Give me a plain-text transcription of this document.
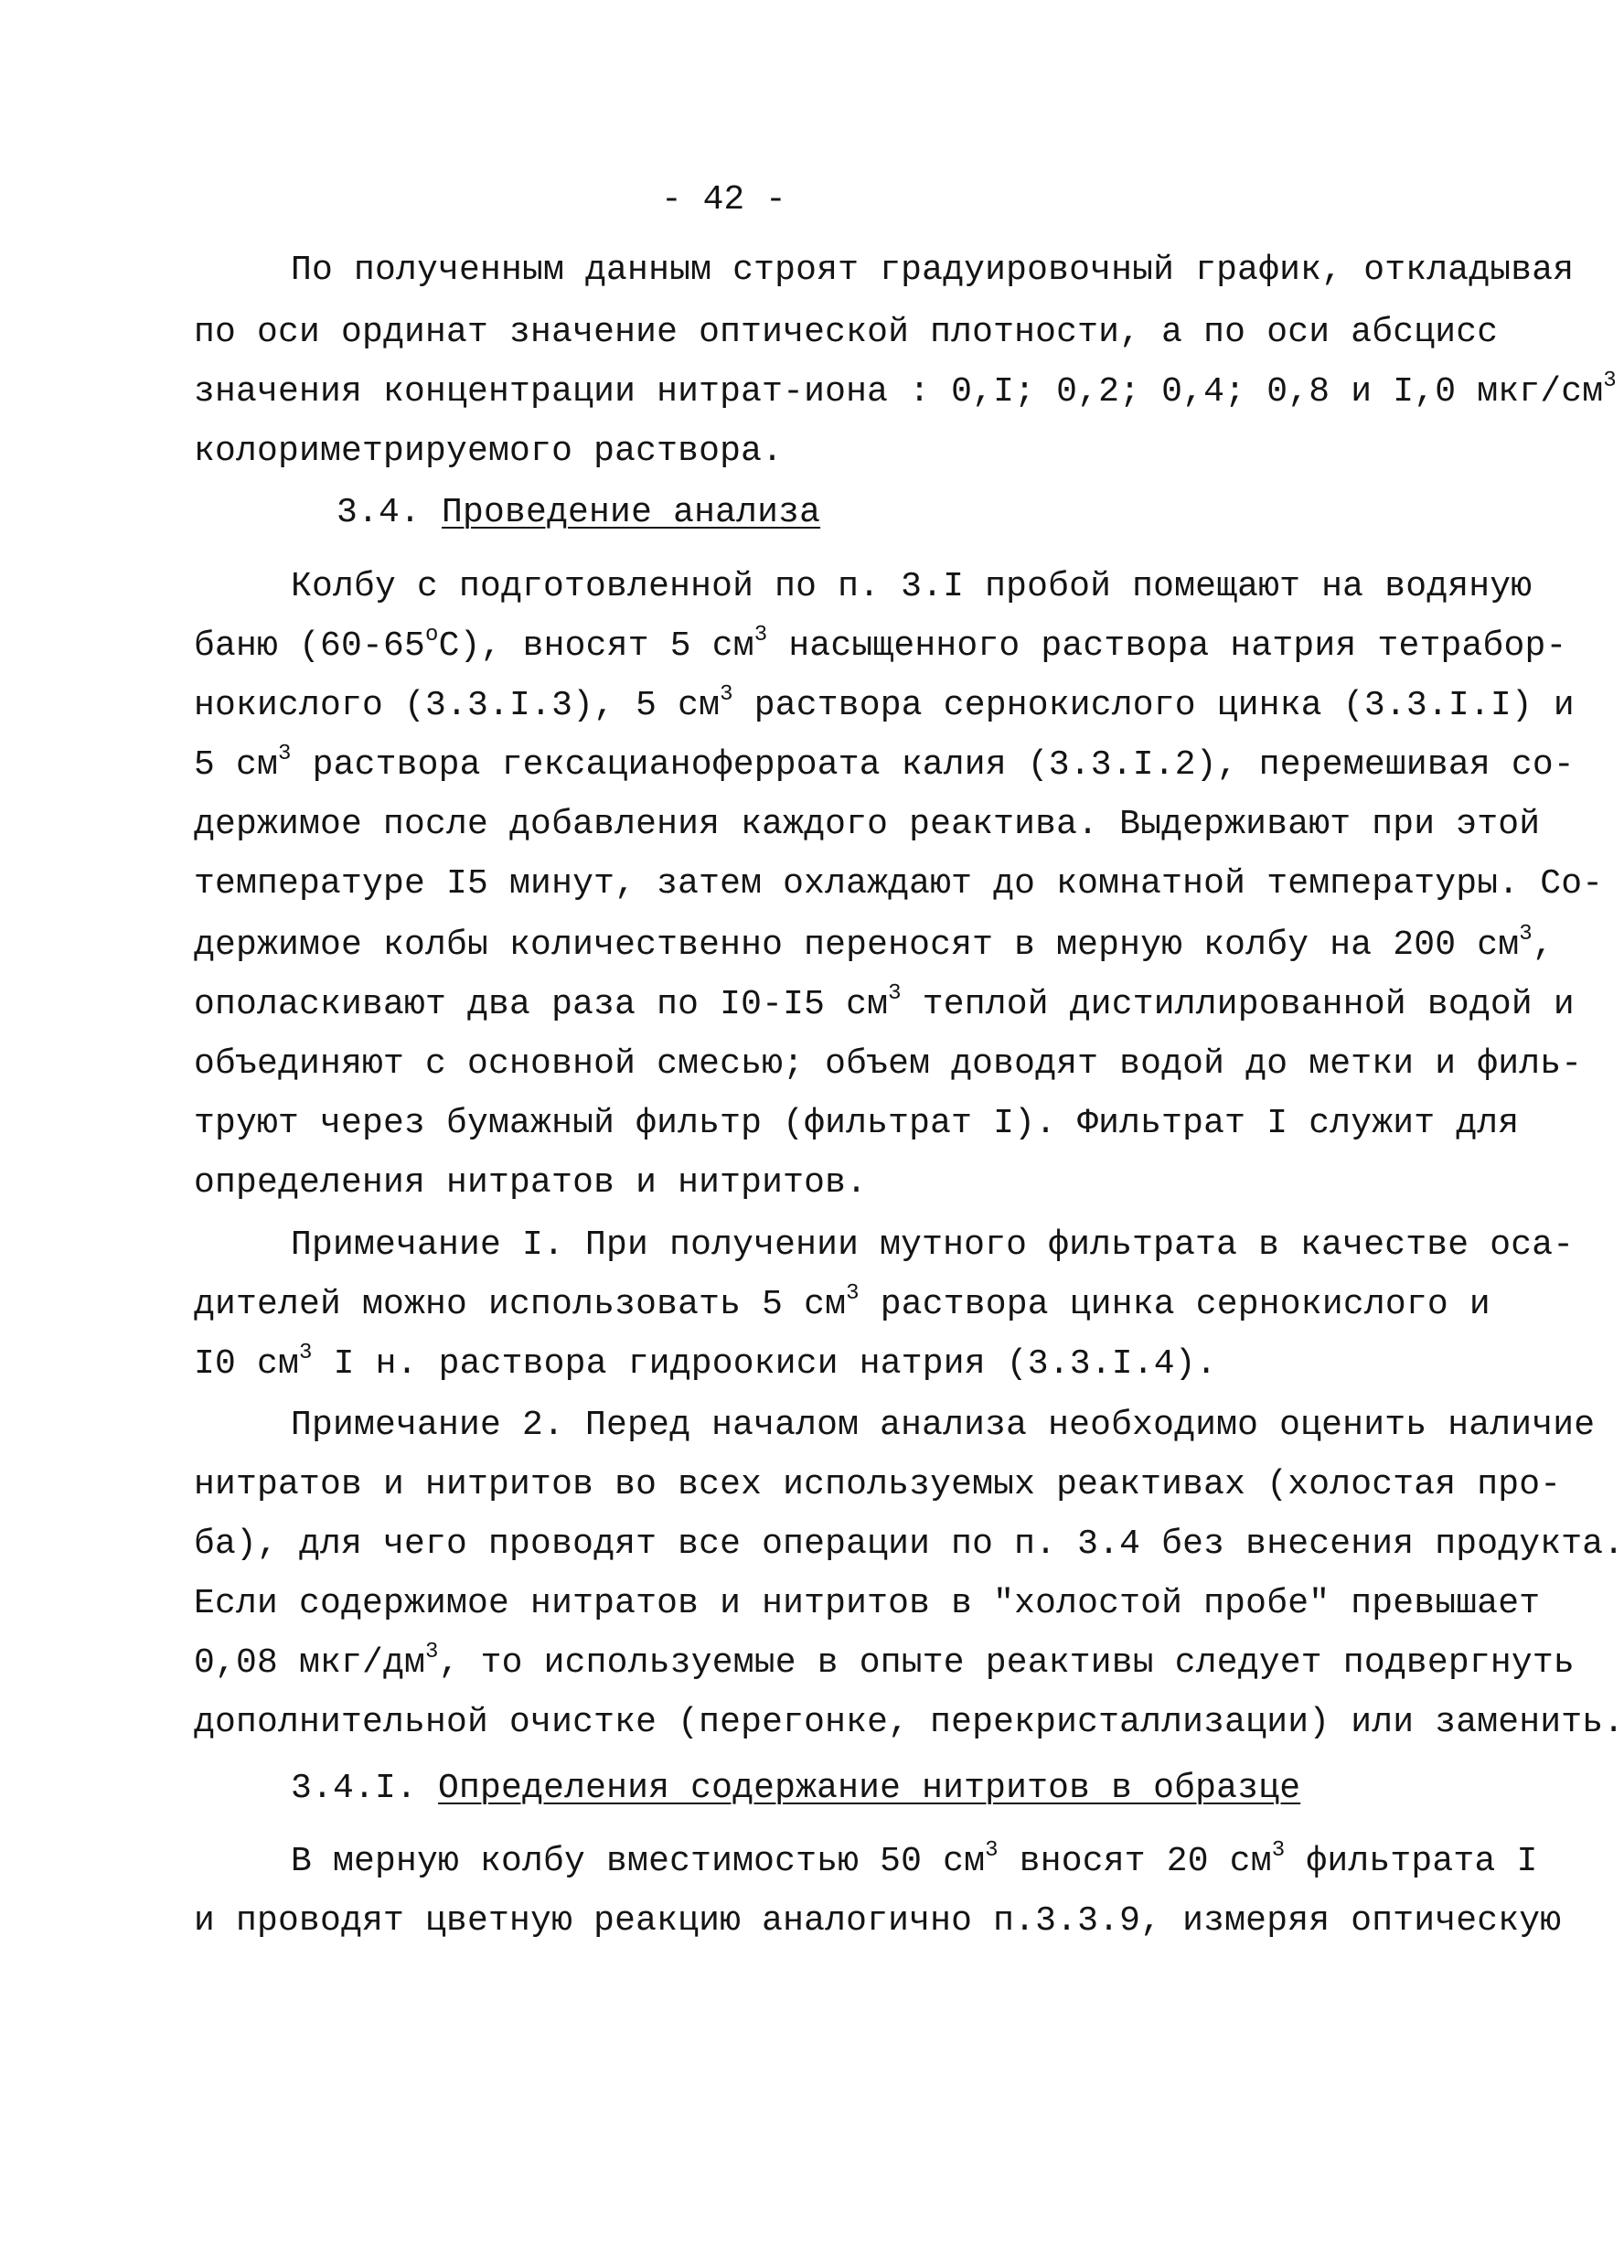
- 42 -
По полученным данным строят градуировочный график, откладывая
по оси ординат значение оптической плотности, а по оси абсцисс
значения концентрации нитрат-иона : 0,I; 0,2; 0,4; 0,8 и I,0 мкг/$см^3$
колориметрируемого раствора.
3.4. Проведение анализа
Колбу с подготовленной по п. 3.I пробой помещают на водяную
баню $(60-65^оС)$, вносят 5 $см^3$ насыщенного раствора натрия тетрабор-
нокислого (3.3.I.3), 5 $см^3$ раствора сернокислого цинка (3.3.I.I) и
5 $см^3$ раствора гексацианоферроата калия (3.3.I.2), перемешивая со-
держимое после добавления каждого реактива. Выдерживают при этой
температуре I5 минут, затем охлаждают до комнатной температуры. Со-
держимое колбы количественно переносят в мерную колбу на 200 $см^3$,
ополаскивают два раза по I0-I5 $см^3$ теплой дистиллированной водой и
объединяют с основной смесью; объем доводят водой до метки и филь-
труют через бумажный фильтр (фильтрат I). Фильтрат I служит для
определения нитратов и нитритов.
Примечание I. При получении мутного фильтрата в качестве оса-
дителей можно использовать 5 $см^3$ раствора цинка сернокислого и
I0 $см^3$ I н. раствора гидроокиси натрия (3.3.I.4).
Примечание 2. Перед началом анализа необходимо оценить наличие
нитратов и нитритов во всех используемых реактивах (холостая про-
ба), для чего проводят все операции по п. 3.4 без внесения продукта.
Если содержимое нитратов и нитритов в "холостой пробе" превышает
0,08 мкг/$дм^3$, то используемые в опыте реактивы следует подвергнуть
дополнительной очистке (перегонке, перекристаллизации) или заменить.
3.4.I. Определения содержание нитритов в образце
В мерную колбу вместимостью 50 $см^3$ вносят 20 $см^3$ фильтрата I
и проводят цветную реакцию аналогично п.3.3.9, измеряя оптическую
